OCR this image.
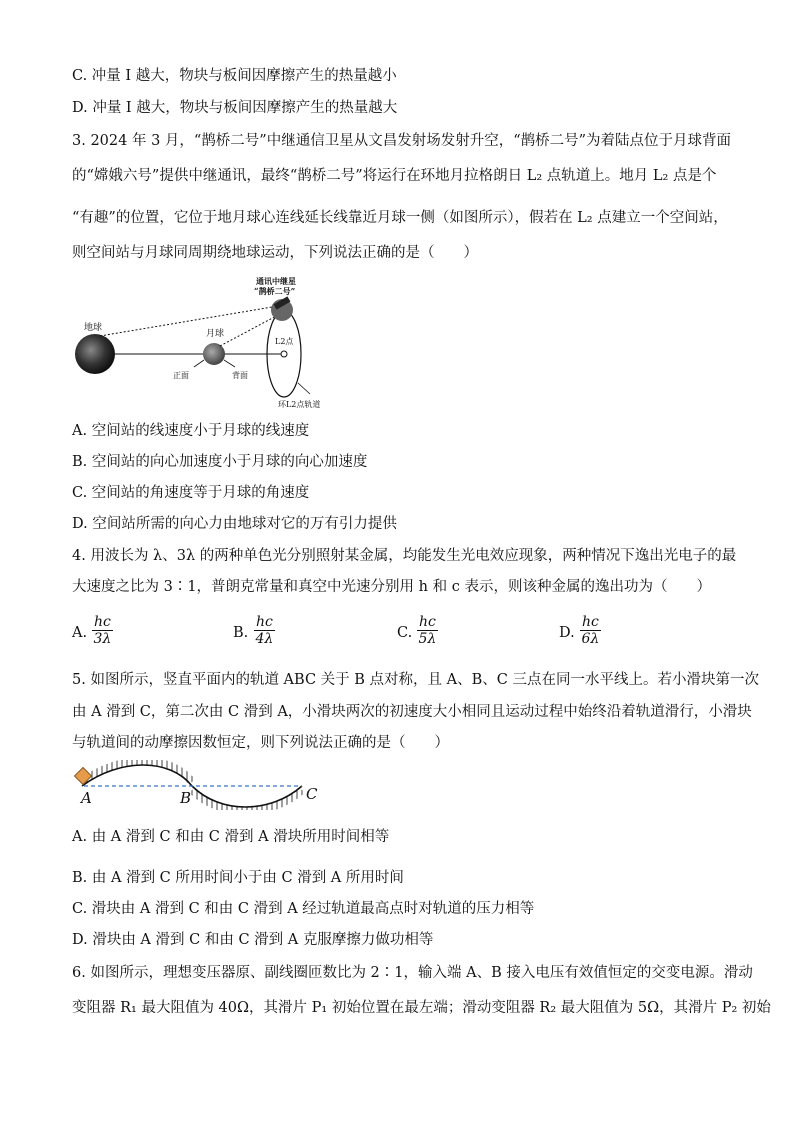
C. 冲量 I 越大，物块与板间因摩擦产生的热量越小
D. 冲量 I 越大，物块与板间因摩擦产生的热量越大
3. 2024 年 3 月，“鹊桥二号”中继通信卫星从文昌发射场发射升空，“鹊桥二号”为着陆点位于月球背面
的“嫦娥六号”提供中继通讯，最终“鹊桥二号”将运行在环地月拉格朗日 L₂ 点轨道上。地月 L₂ 点是个
“有趣”的位置，它位于地月球心连线延长线靠近月球一侧（如图所示），假若在 L₂ 点建立一个空间站，
则空间站与月球同周期绕地球运动，下列说法正确的是（　　）
地球
月球
L2点
通讯中继星
“鹊桥二号”
正面	背面
环L2点轨道
A. 空间站的线速度小于月球的线速度
B. 空间站的向心加速度小于月球的向心加速度
C. 空间站的角速度等于月球的角速度
D. 空间站所需的向心力由地球对它的万有引力提供
4. 用波长为 λ、3λ 的两种单色光分别照射某金属，均能发生光电效应现象，两种情况下逸出光电子的最
大速度之比为 3∶1，普朗克常量和真空中光速分别用 h 和 c 表示，则该种金属的逸出功为（　　）
A. $\frac{hc}{3\lambda}$	B. $\frac{hc}{4\lambda}$	C. $\frac{hc}{5\lambda}$	D. $\frac{hc}{6\lambda}$
5. 如图所示，竖直平面内的轨道 ABC 关于 B 点对称，且 A、B、C 三点在同一水平线上。若小滑块第一次
由 A 滑到 C，第二次由 C 滑到 A，小滑块两次的初速度大小相同且运动过程中始终沿着轨道滑行，小滑块
与轨道间的动摩擦因数恒定，则下列说法正确的是（　　）
A	B	C
A. 由 A 滑到 C 和由 C 滑到 A 滑块所用时间相等
B. 由 A 滑到 C 所用时间小于由 C 滑到 A 所用时间
C. 滑块由 A 滑到 C 和由 C 滑到 A 经过轨道最高点时对轨道的压力相等
D. 滑块由 A 滑到 C 和由 C 滑到 A 克服摩擦力做功相等
6. 如图所示，理想变压器原、副线圈匝数比为 2∶1，输入端 A、B 接入电压有效值恒定的交变电源。滑动
变阻器 R₁ 最大阻值为 40Ω，其滑片 P₁ 初始位置在最左端；滑动变阻器 R₂ 最大阻值为 5Ω，其滑片 P₂ 初始
